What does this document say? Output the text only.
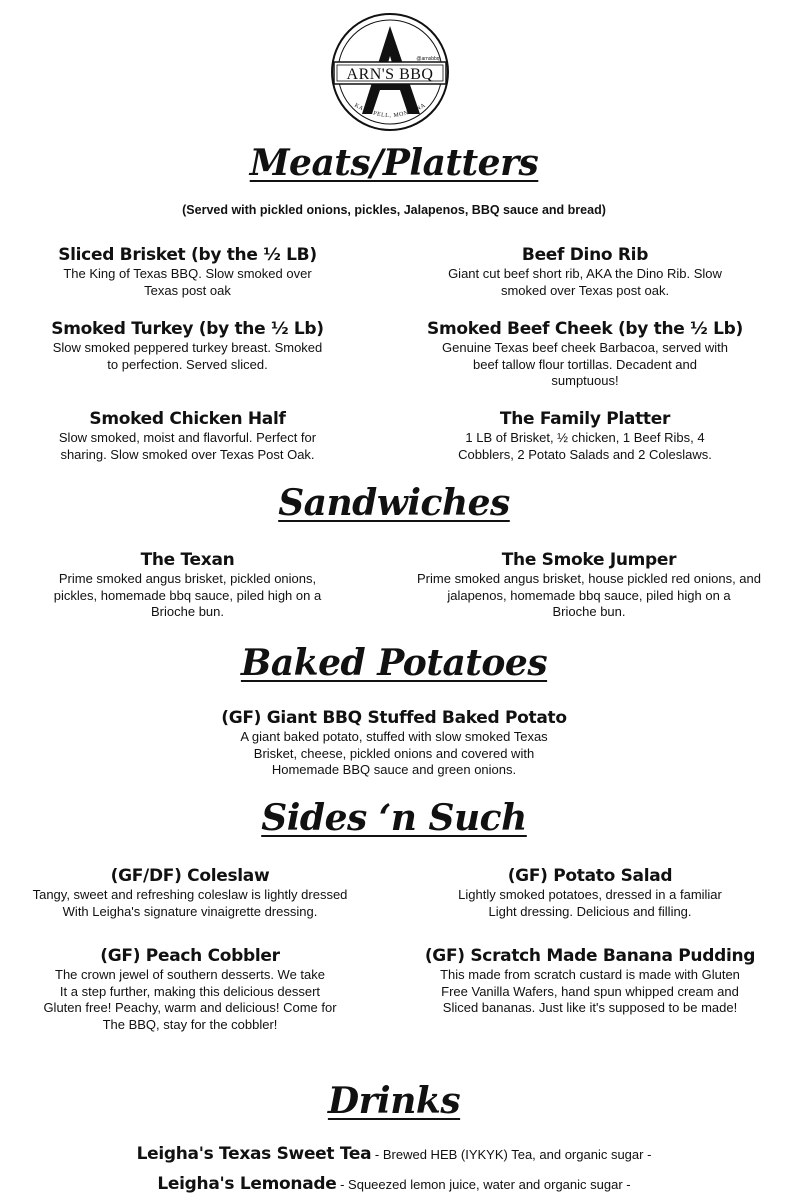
ARN'S BBQ
@arnsbbq
KALISPELL, MONTANA
Meats/Platters
(Served with pickled onions, pickles, Jalapenos, BBQ sauce and bread)
Sliced Brisket (by the ½ LB)
The King of Texas BBQ. Slow smoked over
Texas post oak
Beef Dino Rib
Giant cut beef short rib, AKA the Dino Rib. Slow
smoked over Texas post oak.
Smoked Turkey (by the ½ Lb)
Slow smoked peppered turkey breast. Smoked
to perfection. Served sliced.
Smoked Beef Cheek (by the ½ Lb)
Genuine Texas beef cheek Barbacoa, served with
beef tallow flour tortillas. Decadent and
sumptuous!
Smoked Chicken Half
Slow smoked, moist and flavorful. Perfect for
sharing. Slow smoked over Texas Post Oak.
The Family Platter
1 LB of Brisket, ½ chicken, 1 Beef Ribs, 4
Cobblers, 2 Potato Salads and 2 Coleslaws.
Sandwiches
The Texan
Prime smoked angus brisket, pickled onions,
pickles, homemade bbq sauce, piled high on a
Brioche bun.
The Smoke Jumper
Prime smoked angus brisket, house pickled red onions, and
jalapenos, homemade bbq sauce, piled high on a
Brioche bun.
Baked Potatoes
(GF) Giant BBQ Stuffed Baked Potato
A giant baked potato, stuffed with slow smoked Texas
Brisket, cheese, pickled onions and covered with
Homemade BBQ sauce and green onions.
Sides ‘n Such
(GF/DF) Coleslaw
Tangy, sweet and refreshing coleslaw is lightly dressed
With Leigha's signature vinaigrette dressing.
(GF) Potato Salad
Lightly smoked potatoes, dressed in a familiar
Light dressing. Delicious and filling.
(GF) Peach Cobbler
The crown jewel of southern desserts. We take
It a step further, making this delicious dessert
Gluten free! Peachy, warm and delicious! Come for
The BBQ, stay for the cobbler!
(GF) Scratch Made Banana Pudding
This made from scratch custard is made with Gluten
Free Vanilla Wafers, hand spun whipped cream and
Sliced bananas. Just like it's supposed to be made!
Drinks
Leigha's Texas Sweet Tea - Brewed HEB (IYKYK) Tea, and organic sugar -
Leigha's Lemonade - Squeezed lemon juice, water and organic sugar -
